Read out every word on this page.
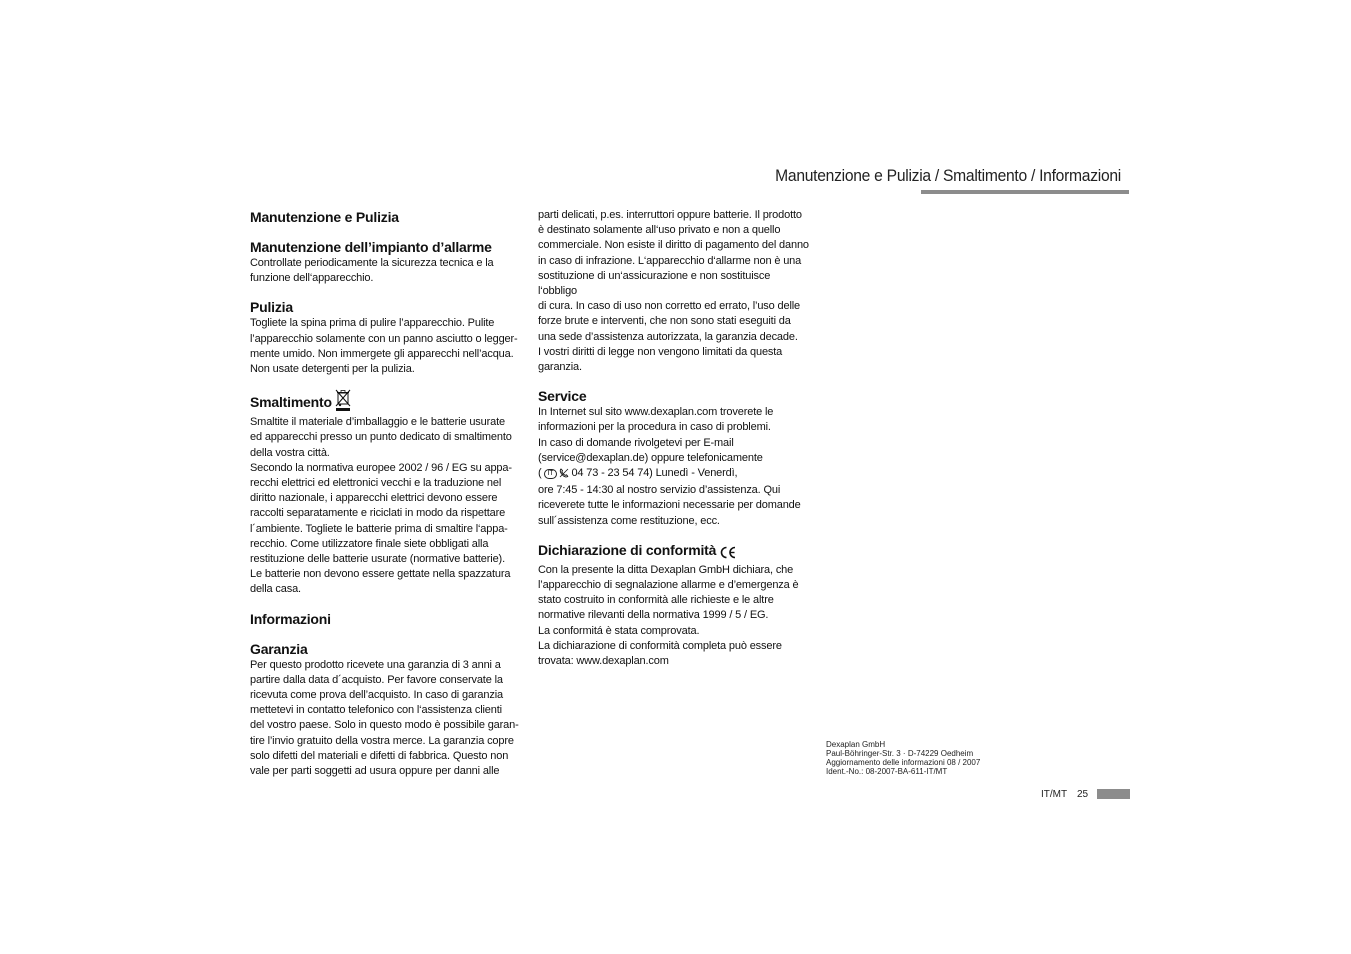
Manutenzione e Pulizia / Smaltimento / Informazioni
Manutenzione e Pulizia
Manutenzione dell’impianto d’allarme

Controllate periodicamente la sicurezza tecnica e la
funzione dell‘apparecchio.

Pulizia

Togliete la spina prima di pulire l’apparecchio. Pulite
l’apparecchio solamente con un panno asciutto o legger-
mente umido. Non immergete gli apparecchi nell’acqua.
Non usate detergenti per la pulizia.

Smaltimento

Smaltite il materiale d’imballaggio e le batterie usurate
ed apparecchi presso un punto dedicato di smaltimento
della vostra città.
Secondo la normativa europee 2002 / 96 / EG su appa-
recchi elettrici ed elettronici vecchi e la traduzione nel
diritto nazionale, i apparecchi elettrici devono essere
raccolti separatamente e riciclati in modo da rispettare
l´ambiente. Togliete le batterie prima di smaltire l‘appa-
recchio. Come utilizzatore finale siete obbligati alla
restituzione delle batterie usurate (normative batterie).
Le batterie non devono essere gettate nella spazzatura
della casa.

Informazioni
Garanzia

Per questo prodotto ricevete una garanzia di 3 anni a
partire dalla data d´acquisto. Per favore conservate la
ricevuta come prova dell’acquisto. In caso di garanzia
mettetevi in contatto telefonico con l‘assistenza clienti
del vostro paese. Solo in questo modo è possibile garan-
tire l’invio gratuito della vostra merce. La garanzia copre
solo difetti del materiali e difetti di fabbrica. Questo non
vale per parti soggetti ad usura oppure per danni alle

parti delicati, p.es. interruttori oppure batterie. Il prodotto
è destinato solamente all‘uso privato e non a quello
commerciale. Non esiste il diritto di pagamento del danno
in caso di infrazione. L‘apparecchio d‘allarme non è una
sostituzione di un‘assicurazione e non sostituisce l‘obbligo
di cura. In caso di uso non corretto ed errato, l’uso delle
forze brute e interventi, che non sono stati eseguiti da
una sede d’assistenza autorizzata, la garanzia decade.
I vostri diritti di legge non vengono limitati da questa
garanzia.

Service

In Internet sul sito www.dexaplan.com troverete le
informazioni per la procedura in caso di problemi.
In caso di domande rivolgetevi per E-mail
(service@dexaplan.de) oppure telefonicamente

( IT 04 73 - 23 54 74) Lunedì - Venerdì,

ore 7:45 - 14:30 al nostro servizio d’assistenza. Qui
riceverete tutte le informazioni necessarie per domande
sull´assistenza come restituzione, ecc.

Dichiarazione di conformità

Con la presente la ditta Dexaplan GmbH dichiara, che
l’apparecchio di segnalazione allarme e d’emergenza è
stato costruito in conformità alle richieste e le altre
normative rilevanti della normativa 1999 / 5 / EG.
La conformitá è stata comprovata.
La dichiarazione di conformità completa può essere
trovata: www.dexaplan.com

Dexaplan GmbH
Paul-Böhringer-Str. 3 · D-74229 Oedheim
Aggiornamento delle informazioni 08 / 2007
Ident.-No.: 08-2007-BA-611-IT/MT
IT/MT 25
